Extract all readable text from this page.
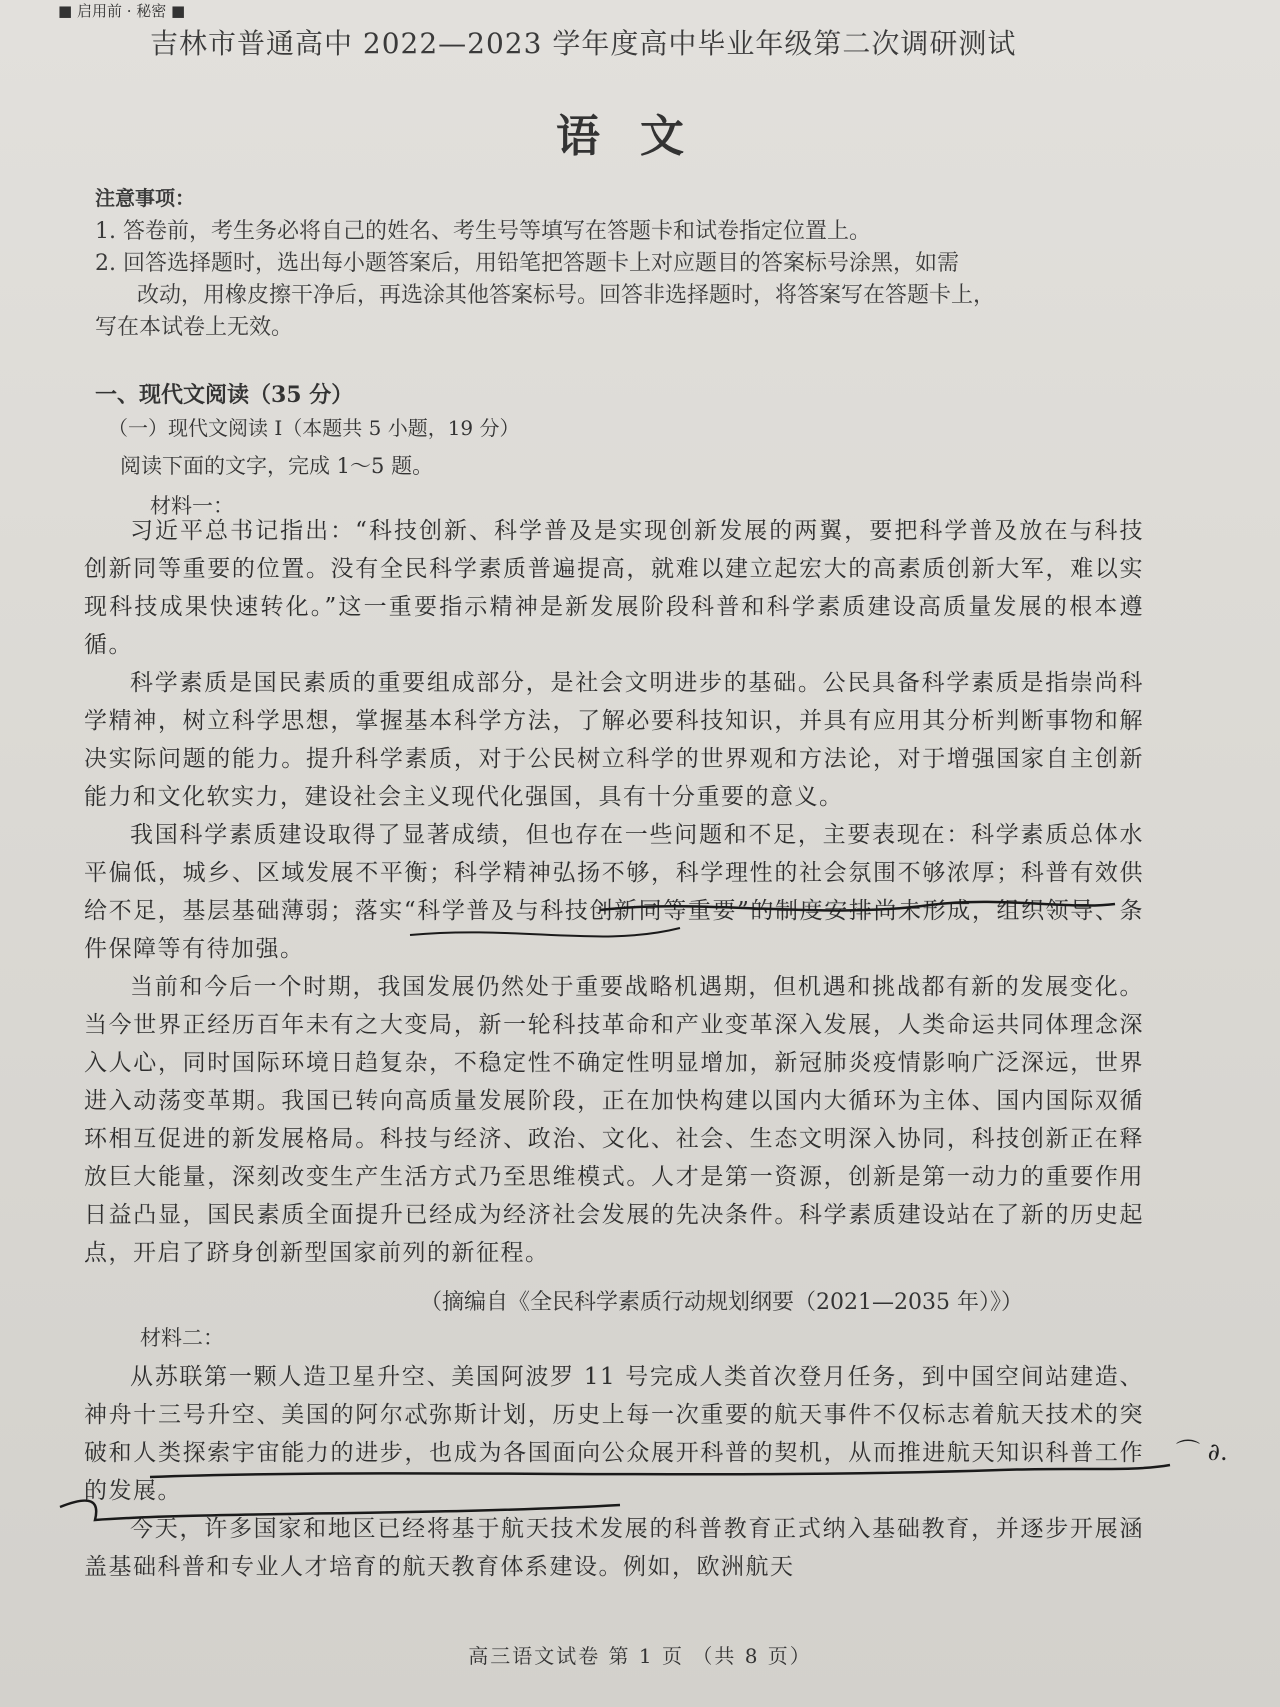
■ 启用前 · 秘密 ■
吉林市普通高中 2022—2023 学年度高中毕业年级第二次调研测试
语文
注意事项：
1. 答卷前，考生务必将自己的姓名、考生号等填写在答题卡和试卷指定位置上。
2. 回答选择题时，选出每小题答案后，用铅笔把答题卡上对应题目的答案标号涂黑，如需
改动，用橡皮擦干净后，再选涂其他答案标号。回答非选择题时，将答案写在答题卡上，
写在本试卷上无效。
一、现代文阅读（35 分）
（一）现代文阅读 I（本题共 5 小题，19 分）
阅读下面的文字，完成 1～5 题。
材料一：

习近平总书记指出：“科技创新、科学普及是实现创新发展的两翼，要把科学普及放在与科技创新同等重要的位置。没有全民科学素质普遍提高，就难以建立起宏大的高素质创新大军，难以实现科技成果快速转化。”这一重要指示精神是新发展阶段科普和科学素质建设高质量发展的根本遵循。

科学素质是国民素质的重要组成部分，是社会文明进步的基础。公民具备科学素质是指崇尚科学精神，树立科学思想，掌握基本科学方法，了解必要科技知识，并具有应用其分析判断事物和解决实际问题的能力。提升科学素质，对于公民树立科学的世界观和方法论，对于增强国家自主创新能力和文化软实力，建设社会主义现代化强国，具有十分重要的意义。

我国科学素质建设取得了显著成绩，但也存在一些问题和不足，主要表现在：科学素质总体水平偏低，城乡、区域发展不平衡；科学精神弘扬不够，科学理性的社会氛围不够浓厚；科普有效供给不足，基层基础薄弱；落实“科学普及与科技创新同等重要”的制度安排尚未形成，组织领导、条件保障等有待加强。

当前和今后一个时期，我国发展仍然处于重要战略机遇期，但机遇和挑战都有新的发展变化。当今世界正经历百年未有之大变局，新一轮科技革命和产业变革深入发展，人类命运共同体理念深入人心，同时国际环境日趋复杂，不稳定性不确定性明显增加，新冠肺炎疫情影响广泛深远，世界进入动荡变革期。我国已转向高质量发展阶段，正在加快构建以国内大循环为主体、国内国际双循环相互促进的新发展格局。科技与经济、政治、文化、社会、生态文明深入协同，科技创新正在释放巨大能量，深刻改变生产生活方式乃至思维模式。人才是第一资源，创新是第一动力的重要作用日益凸显，国民素质全面提升已经成为经济社会发展的先决条件。科学素质建设站在了新的历史起点，开启了跻身创新型国家前列的新征程。

（摘编自《全民科学素质行动规划纲要（2021—2035 年）》）
材料二：

从苏联第一颗人造卫星升空、美国阿波罗 11 号完成人类首次登月任务，到中国空间站建造、神舟十三号升空、美国的阿尔忒弥斯计划，历史上每一次重要的航天事件不仅标志着航天技术的突破和人类探索宇宙能力的进步，也成为各国面向公众展开科普的契机，从而推进航天知识科普工作的发展。

今天，许多国家和地区已经将基于航天技术发展的科普教育正式纳入基础教育，并逐步开展涵盖基础科普和专业人才培育的航天教育体系建设。例如，欧洲航天

⌒ ∂.
高三语文试卷 第 1 页 （共 8 页）
